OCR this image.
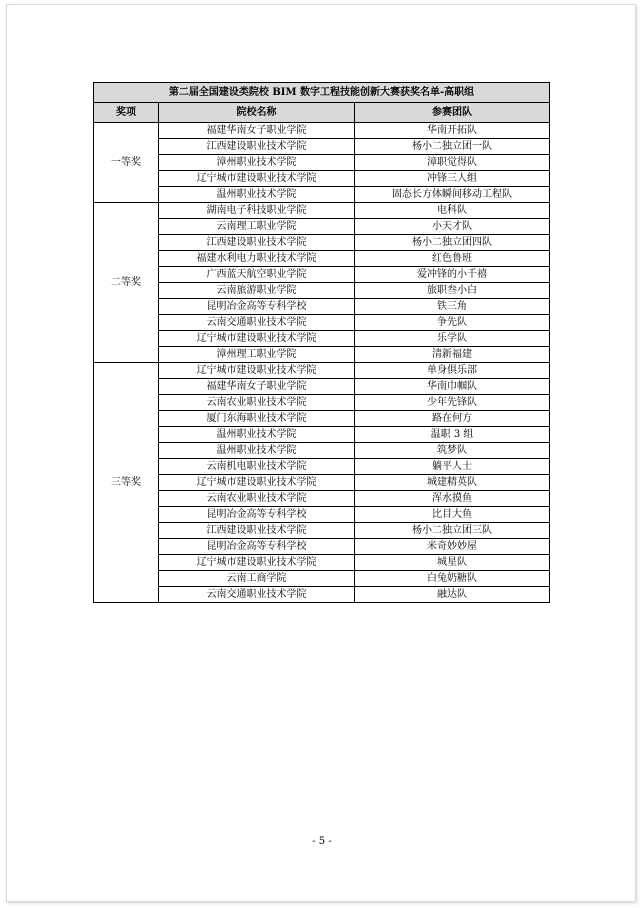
第二届全国建设类院校 BIM 数字工程技能创新大赛获奖名单-高职组		
奖项	院校名称	参赛团队
一等奖	福建华南女子职业学院	华南开拓队
	江西建设职业技术学院	杨小二独立团一队
	漳州职业技术学院	漳职觉得队
	辽宁城市建设职业技术学院	冲锋三人组
	温州职业技术学院	固态长方体瞬间移动工程队
二等奖	湖南电子科技职业学院	电科队
	云南理工职业学院	小天才队
	江西建设职业技术学院	杨小二独立团四队
	福建水利电力职业技术学院	红色鲁班
	广西蓝天航空职业学院	爱冲锋的小千禧
	云南旅游职业学院	旅职叁小白
	昆明冶金高等专科学校	铁三角
	云南交通职业技术学院	争先队
	辽宁城市建设职业技术学院	乐学队
	漳州理工职业学院	清新福建
三等奖	辽宁城市建设职业技术学院	单身俱乐部
	福建华南女子职业学院	华南巾帼队
	云南农业职业技术学院	少年先锋队
	厦门东海职业技术学院	路在何方
	温州职业技术学院	温职 3 组
	温州职业技术学院	筑梦队
	云南机电职业技术学院	躺平人士
	辽宁城市建设职业技术学院	城建精英队
	云南农业职业技术学院	浑水摸鱼
	昆明冶金高等专科学校	比目大鱼
	江西建设职业技术学院	杨小二独立团三队
	昆明冶金高等专科学校	米奇妙妙屋
	辽宁城市建设职业技术学院	城星队
	云南工商学院	白兔奶糖队
	云南交通职业技术学院	融达队
- 5 -
